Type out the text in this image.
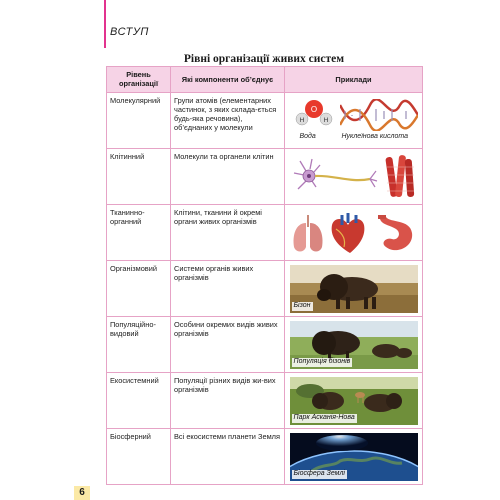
ВСТУП
Рівні організації живих систем
Рівень організації	Які компоненти об’єднує	Приклади
Молекулярний	Групи атомів (елементарних частинок, з яких склада-ється будь-яка речовина), об’єднаних у молекули	O
H H
Вода Нуклеїнова кислота

Клітинний	Молекули та органели клітин	

Тканинно-органний	Клітини, тканини й окремі органи живих організмів	

Організмовий	Системи органів живих організмів	Бізон

Популяційно-видовий	Особини окремих видів живих організмів	Популяція бізонів

Екосистемний	Популяції різних видів жи-вих організмів	Парк Асканія-Нова

Біосферний	Всі екосистеми планети Земля	Біосфера Землі
6
